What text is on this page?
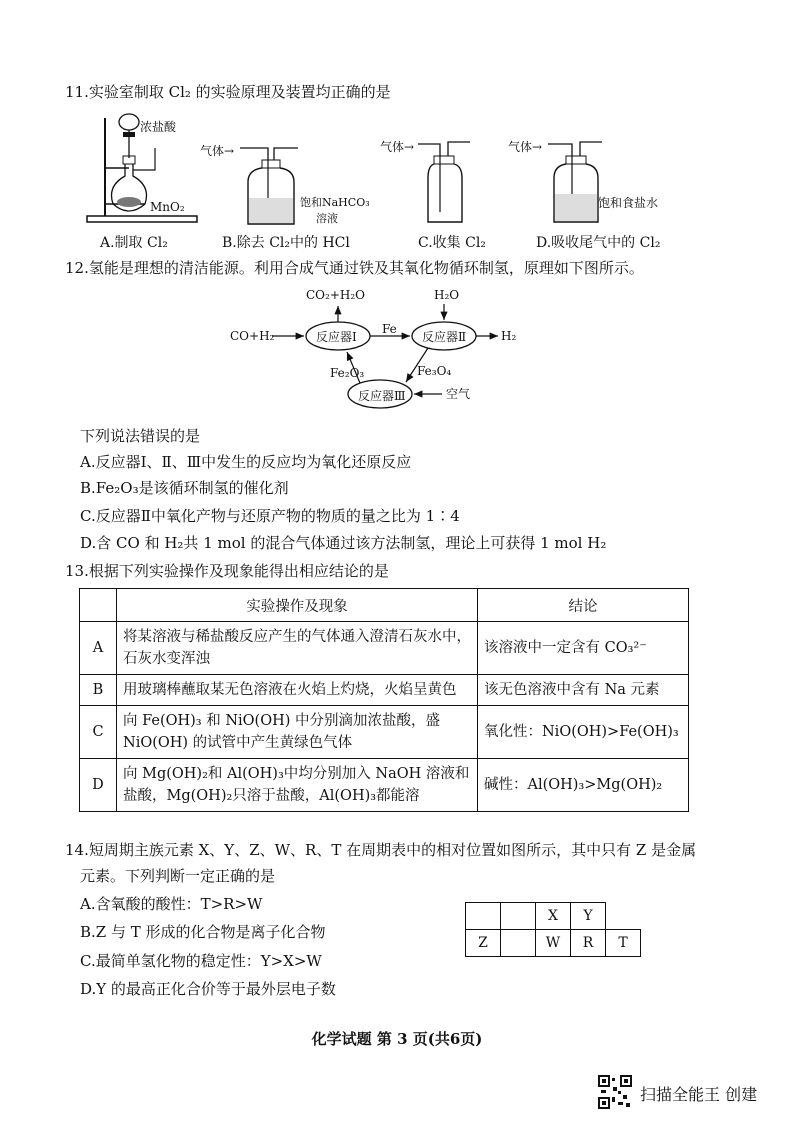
11.实验室制取 Cl₂ 的实验原理及装置均正确的是
浓盐酸
MnO₂
气体→
饱和NaHCO₃
溶液
气体→	气体→
饱和食盐水
A.制取 Cl₂	B.除去 Cl₂中的 HCl	C.收集 Cl₂	D.吸收尾气中的 Cl₂
12.氢能是理想的清洁能源。利用合成气通过铁及其氧化物循环制氢，原理如下图所示。
CO₂+H₂O	H₂O
CO+H₂	反应器Ⅰ
Fe
反应器Ⅱ	H₂
Fe₂O₃	Fe₃O₄
反应器Ⅲ	空气
下列说法错误的是
A.反应器Ⅰ、Ⅱ、Ⅲ中发生的反应均为氧化还原反应
B.Fe₂O₃是该循环制氢的催化剂
C.反应器Ⅱ中氧化产物与还原产物的物质的量之比为 1∶4
D.含 CO 和 H₂共 1 mol 的混合气体通过该方法制氢，理论上可获得 1 mol H₂
13.根据下列实验操作及现象能得出相应结论的是
	实验操作及现象	结论
A	将某溶液与稀盐酸反应产生的气体通入澄清石灰水中，石灰水变浑浊	该溶液中一定含有 CO₃²⁻
B	用玻璃棒蘸取某无色溶液在火焰上灼烧，火焰呈黄色	该无色溶液中含有 Na 元素
C	向 Fe(OH)₃ 和 NiO(OH) 中分别滴加浓盐酸，盛 NiO(OH) 的试管中产生黄绿色气体	氧化性：NiO(OH)>Fe(OH)₃
D	向 Mg(OH)₂和 Al(OH)₃中均分别加入 NaOH 溶液和盐酸，Mg(OH)₂只溶于盐酸，Al(OH)₃都能溶	碱性：Al(OH)₃>Mg(OH)₂
14.短周期主族元素 X、Y、Z、W、R、T 在周期表中的相对位置如图所示，其中只有 Z 是金属
元素。下列判断一定正确的是
A.含氧酸的酸性：T>R>W
B.Z 与 T 形成的化合物是离子化合物
C.最简单氢化物的稳定性：Y>X>W
D.Y 的最高正化合价等于最外层电子数
		X	Y	
Z		W	R	T
化学试题 第 3 页(共6页)
扫描全能王 创建
